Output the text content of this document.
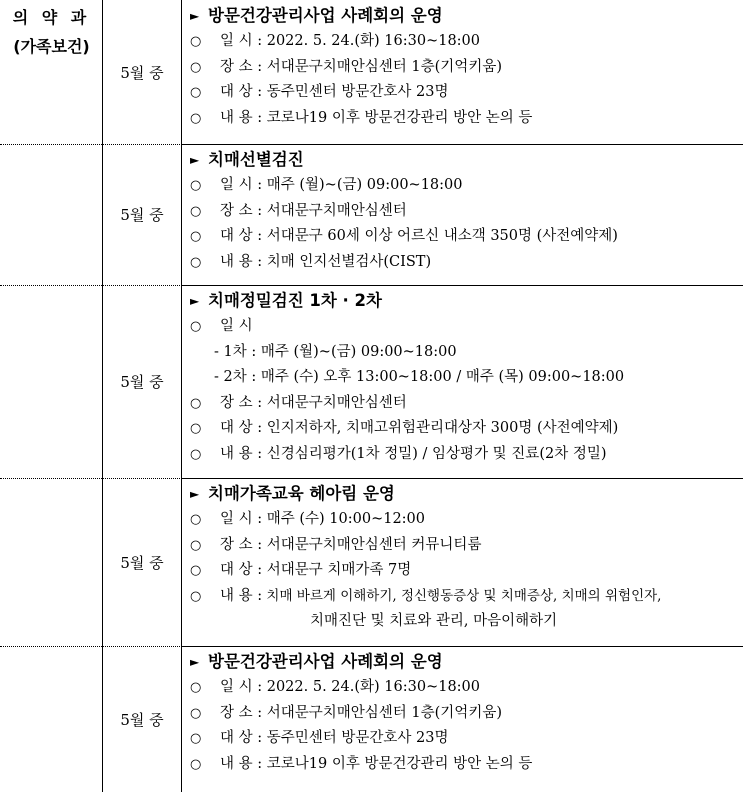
의 약 과
(가족보건)
5월 중
► 방문건강관리사업 사례회의 운영
○ 일 시 : 2022. 5. 24.(화) 16:30~18:00
○ 장 소 : 서대문구치매안심센터 1층(기억키움)
○ 대 상 : 동주민센터 방문간호사 23명
○ 내 용 : 코로나19 이후 방문건강관리 방안 논의 등
5월 중
► 치매선별검진
○ 일 시 : 매주 (월)~(금) 09:00~18:00
○ 장 소 : 서대문구치매안심센터
○ 대 상 : 서대문구 60세 이상 어르신 내소객 350명 (사전예약제)
○ 내 용 : 치매 인지선별검사(CIST)
5월 중
► 치매정밀검진 1차 · 2차
○ 일 시
- 1차 : 매주 (월)~(금) 09:00~18:00
- 2차 : 매주 (수) 오후 13:00~18:00 / 매주 (목) 09:00~18:00
○ 장 소 : 서대문구치매안심센터
○ 대 상 : 인지저하자, 치매고위험관리대상자 300명 (사전예약제)
○ 내 용 : 신경심리평가(1차 정밀) / 임상평가 및 진료(2차 정밀)
5월 중
► 치매가족교육 헤아림 운영
○ 일 시 : 매주 (수) 10:00~12:00
○ 장 소 : 서대문구치매안심센터 커뮤니티룸
○ 대 상 : 서대문구 치매가족 7명
○ 내 용 : 치매 바르게 이해하기, 정신행동증상 및 치매증상, 치매의 위험인자,
치매진단 및 치료와 관리, 마음이해하기
5월 중
► 방문건강관리사업 사례회의 운영
○ 일 시 : 2022. 5. 24.(화) 16:30~18:00
○ 장 소 : 서대문구치매안심센터 1층(기억키움)
○ 대 상 : 동주민센터 방문간호사 23명
○ 내 용 : 코로나19 이후 방문건강관리 방안 논의 등
